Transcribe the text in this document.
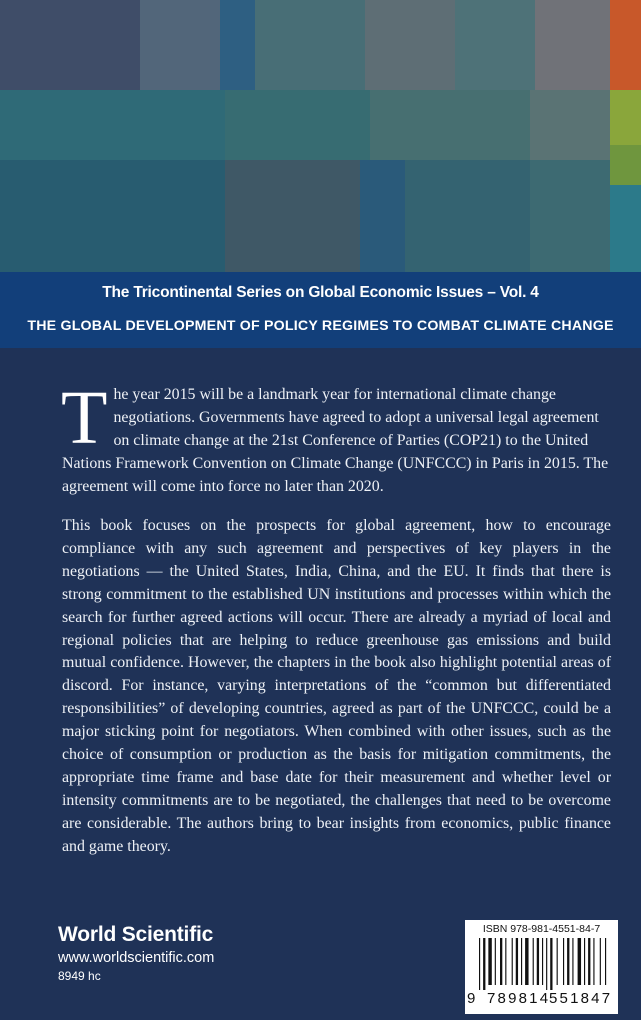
The Tricontinental Series on Global Economic Issues – Vol. 4
THE GLOBAL DEVELOPMENT OF POLICY REGIMES TO COMBAT CLIMATE CHANGE

The year 2015 will be a landmark year for international climate change negotiations. Governments have agreed to adopt a universal legal agreement on climate change at the 21st Conference of Parties (COP21) to the United Nations Framework Convention on Climate Change (UNFCCC) in Paris in 2015. The agreement will come into force no later than 2020.

This book focuses on the prospects for global agreement, how to encourage compliance with any such agreement and perspectives of key players in the negotiations — the United States, India, China, and the EU. It finds that there is strong commitment to the established UN institutions and processes within which the search for further agreed actions will occur. There are already a myriad of local and regional policies that are helping to reduce greenhouse gas emissions and build mutual confidence. However, the chapters in the book also highlight potential areas of discord. For instance, varying interpretations of the “common but differentiated responsibilities” of developing countries, agreed as part of the UNFCCC, could be a major sticking point for negotiators. When combined with other issues, such as the choice of consumption or production as the basis for mitigation commitments, the appropriate time frame and base date for their measurement and whether level or intensity commitments are to be negotiated, the challenges that need to be overcome are considerable. The authors bring to bear insights from economics, public finance and game theory.

World Scientific
www.worldscientific.com
8949 hc
ISBN 978-981-4551-84-7
9 789814
551847
